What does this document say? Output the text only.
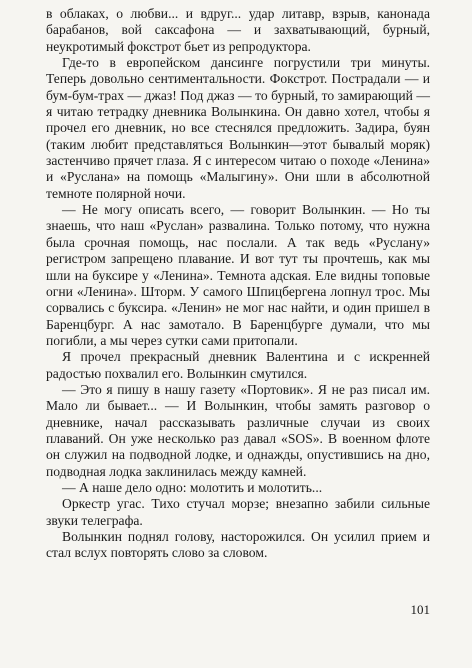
в облаках, о любви... и вдруг... удар литавр, взрыв, канонада барабанов, вой саксафона — и захватывающий, бурный, неукротимый фокстрот бьет из репродуктора.

Где-то в европейском дансинге погрустили три минуты. Теперь довольно сентиментальности. Фокстрот. Пострадали — и бум-бум-трах — джаз! Под джаз — то бурный, то замирающий — я читаю тетрадку дневника Волынкина. Он давно хотел, чтобы я прочел его дневник, но все стеснялся предложить. Задира, буян (таким любит представляться Волынкин—этот бывалый моряк) застенчиво прячет глаза. Я с интересом читаю о походе «Ленина» и «Руслана» на помощь «Малыгину». Они шли в абсолютной темноте полярной ночи.

— Не могу описать всего, — говорит Волынкин. — Но ты знаешь, что наш «Руслан» развалина. Только потому, что нужна была срочная помощь, нас послали. А так ведь «Руслану» регистром запрещено плавание. И вот тут ты прочтешь, как мы шли на буксире у «Ленина». Темнота адская. Еле видны топовые огни «Ленина». Шторм. У самого Шпицбергена лопнул трос. Мы сорвались с буксира. «Ленин» не мог нас найти, и один пришел в Баренцбург. А нас замотало. В Баренцбурге думали, что мы погибли, а мы через сутки сами притопали.

Я прочел прекрасный дневник Валентина и с искренней радостью похвалил его. Волынкин смутился.

— Это я пишу в нашу газету «Портовик». Я не раз писал им. Мало ли бывает... — И Волынкин, чтобы замять разговор о дневнике, начал рассказывать различные случаи из своих плаваний. Он уже несколько раз давал «SOS». В военном флоте он служил на подводной лодке, и однажды, опустившись на дно, подводная лодка заклинилась между камней.

— А наше дело одно: молотить и молотить...

Оркестр угас. Тихо стучал морзе; внезапно забили сильные звуки телеграфа.

Волынкин поднял голову, насторожился. Он усилил прием и стал вслух повторять слово за словом.

101
